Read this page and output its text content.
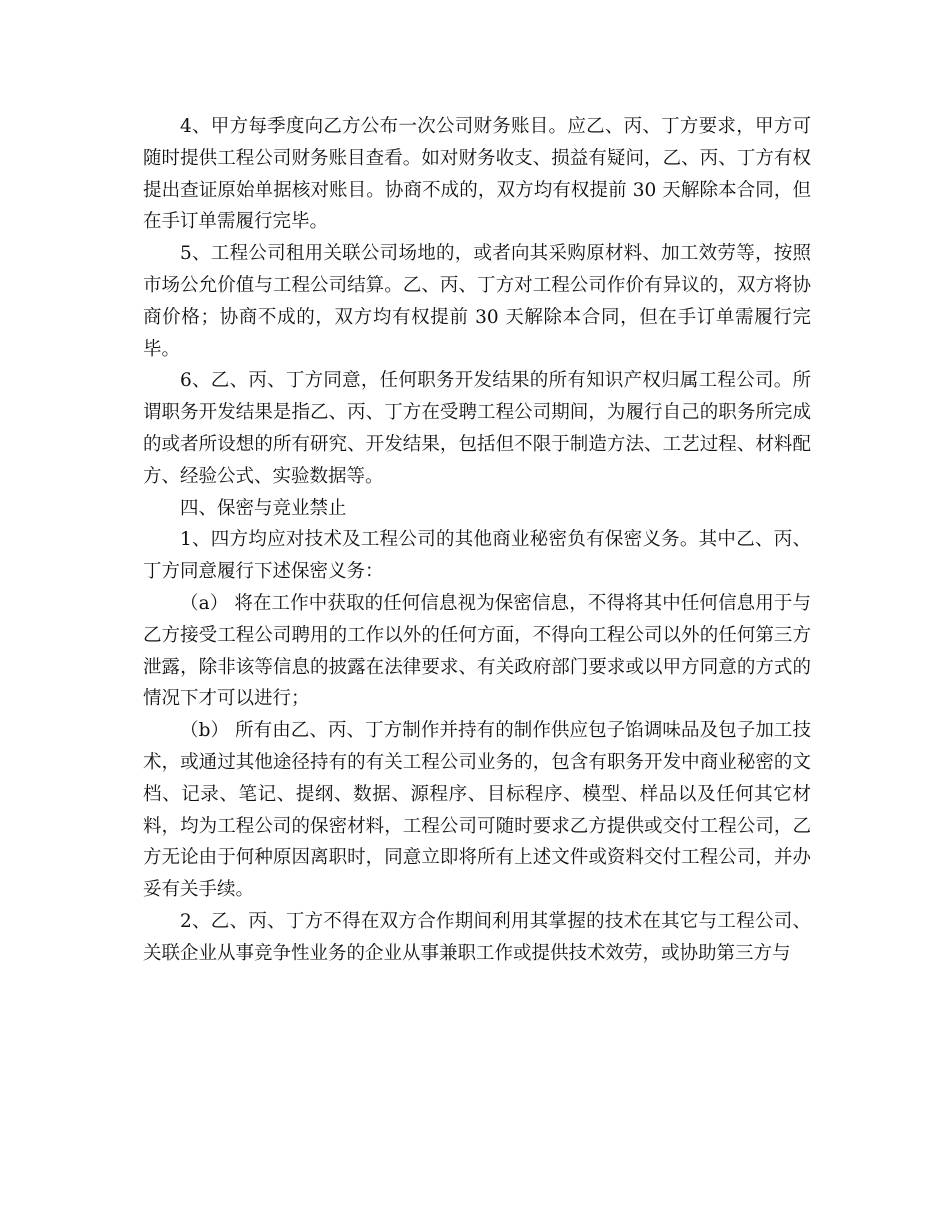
4、甲方每季度向乙方公布一次公司财务账目。应乙、丙、丁方要求，甲方可随时提供工程公司财务账目查看。如对财务收支、损益有疑问，乙、丙、丁方有权提出查证原始单据核对账目。协商不成的，双方均有权提前 30 天解除本合同，但在手订单需履行完毕。

5、工程公司租用关联公司场地的，或者向其采购原材料、加工效劳等，按照市场公允价值与工程公司结算。乙、丙、丁方对工程公司作价有异议的，双方将协商价格；协商不成的，双方均有权提前 30 天解除本合同，但在手订单需履行完毕。

6、乙、丙、丁方同意，任何职务开发结果的所有知识产权归属工程公司。所谓职务开发结果是指乙、丙、丁方在受聘工程公司期间，为履行自己的职务所完成的或者所设想的所有研究、开发结果，包括但不限于制造方法、工艺过程、材料配方、经验公式、实验数据等。

四、保密与竞业禁止

1、四方均应对技术及工程公司的其他商业秘密负有保密义务。其中乙、丙、丁方同意履行下述保密义务：

（a） 将在工作中获取的任何信息视为保密信息，不得将其中任何信息用于与乙方接受工程公司聘用的工作以外的任何方面，不得向工程公司以外的任何第三方泄露，除非该等信息的披露在法律要求、有关政府部门要求或以甲方同意的方式的情况下才可以进行；

（b） 所有由乙、丙、丁方制作并持有的制作供应包子馅调味品及包子加工技术，或通过其他途径持有的有关工程公司业务的，包含有职务开发中商业秘密的文档、记录、笔记、提纲、数据、源程序、目标程序、模型、样品以及任何其它材料，均为工程公司的保密材料，工程公司可随时要求乙方提供或交付工程公司，乙方无论由于何种原因离职时，同意立即将所有上述文件或资料交付工程公司，并办妥有关手续。

2、乙、丙、丁方不得在双方合作期间利用其掌握的技术在其它与工程公司、关联企业从事竞争性业务的企业从事兼职工作或提供技术效劳，或协助第三方与
